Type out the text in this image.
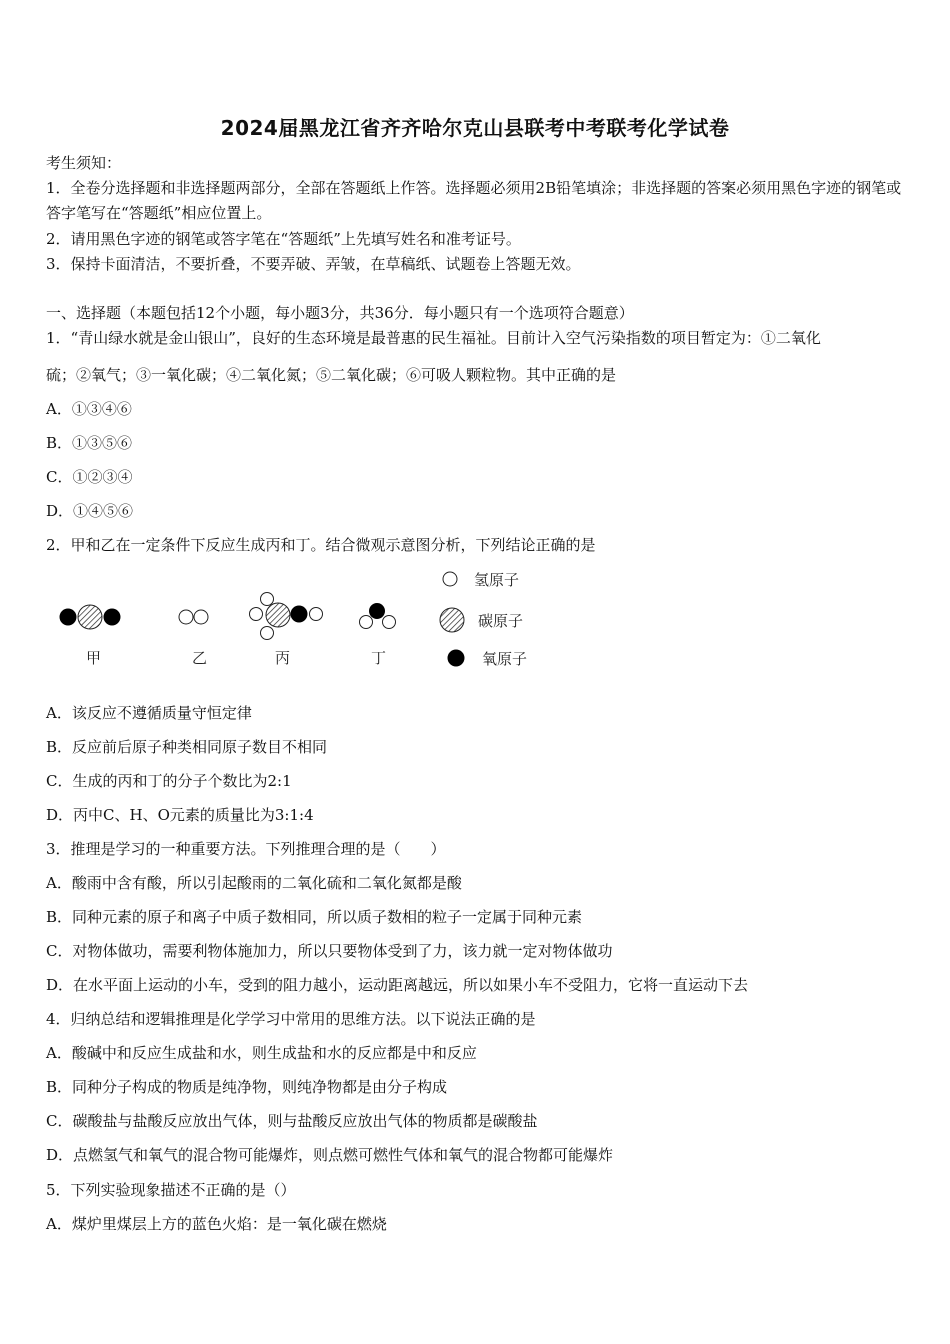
2024届黑龙江省齐齐哈尔克山县联考中考联考化学试卷
考生须知：
1．全卷分选择题和非选择题两部分，全部在答题纸上作答。选择题必须用2B铅笔填涂；非选择题的答案必须用黑色字迹的钢笔或答字笔写在“答题纸”相应位置上。
2．请用黑色字迹的钢笔或答字笔在“答题纸”上先填写姓名和准考证号。
3．保持卡面清洁，不要折叠，不要弄破、弄皱，在草稿纸、试题卷上答题无效。
一、选择题（本题包括12个小题，每小题3分，共36分．每小题只有一个选项符合题意）
1．“青山绿水就是金山银山”，良好的生态环境是最普惠的民生福祉。目前计入空气污染指数的项目暂定为：①二氧化
硫；②氧气；③一氧化碳；④二氧化氮；⑤二氧化碳；⑥可吸人颗粒物。其中正确的是
A．①③④⑥
B．①③⑤⑥
C．①②③④
D．①④⑤⑥
2．甲和乙在一定条件下反应生成丙和丁。结合微观示意图分析，下列结论正确的是
甲	乙	丙	丁
氢原子
碳原子
氧原子
A．该反应不遵循质量守恒定律
B．反应前后原子种类相同原子数目不相同
C．生成的丙和丁的分子个数比为2:1
D．丙中C、H、O元素的质量比为3:1:4
3．推理是学习的一种重要方法。下列推理合理的是（　　）
A．酸雨中含有酸，所以引起酸雨的二氧化硫和二氧化氮都是酸
B．同种元素的原子和离子中质子数相同，所以质子数相的粒子一定属于同种元素
C．对物体做功，需要利物体施加力，所以只要物体受到了力，该力就一定对物体做功
D．在水平面上运动的小车，受到的阻力越小，运动距离越远，所以如果小车不受阻力，它将一直运动下去
4．归纳总结和逻辑推理是化学学习中常用的思维方法。以下说法正确的是
A．酸碱中和反应生成盐和水，则生成盐和水的反应都是中和反应
B．同种分子构成的物质是纯净物，则纯净物都是由分子构成
C．碳酸盐与盐酸反应放出气体，则与盐酸反应放出气体的物质都是碳酸盐
D．点燃氢气和氧气的混合物可能爆炸，则点燃可燃性气体和氧气的混合物都可能爆炸
5．下列实验现象描述不正确的是（）
A．煤炉里煤层上方的蓝色火焰：是一氧化碳在燃烧
